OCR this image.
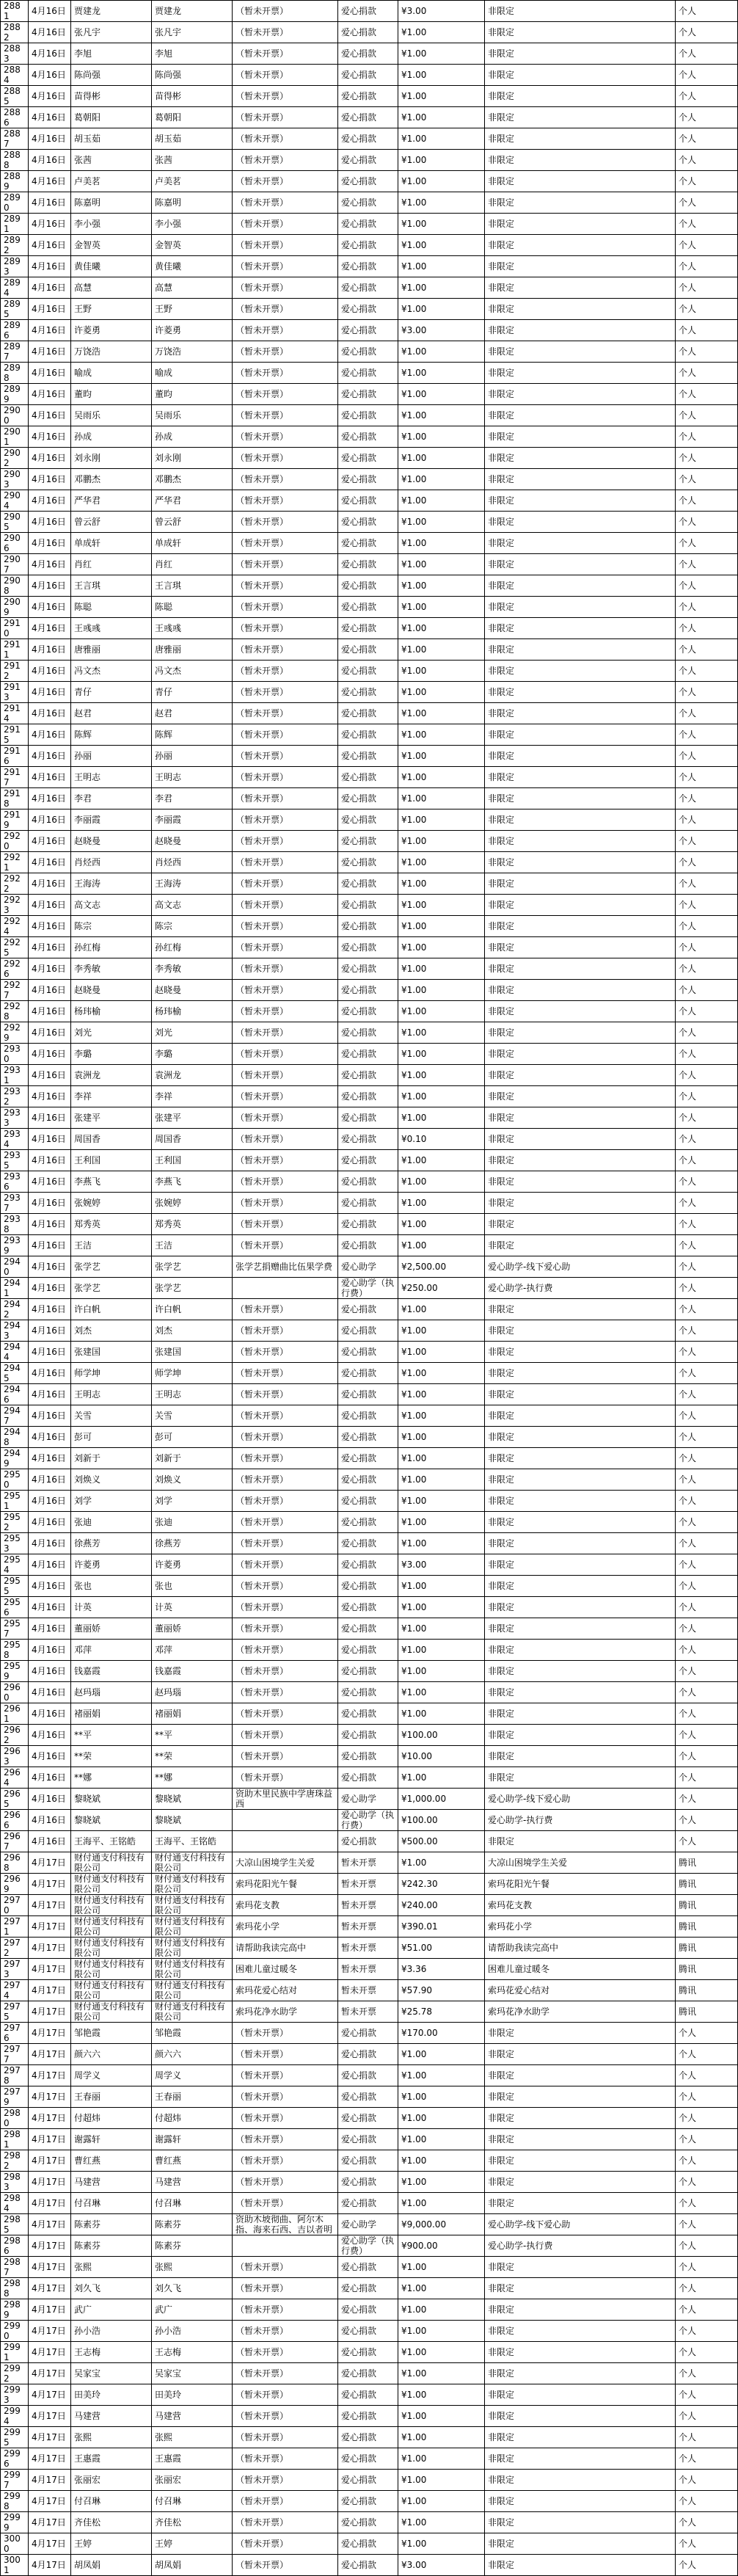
2881	4月16日	贾建龙	贾建龙	（暂未开票）	爱心捐款	¥3.00	非限定	个人
2882	4月16日	张凡宇	张凡宇	（暂未开票）	爱心捐款	¥1.00	非限定	个人
2883	4月16日	李旭	李旭	（暂未开票）	爱心捐款	¥1.00	非限定	个人
2884	4月16日	陈尚强	陈尚强	（暂未开票）	爱心捐款	¥1.00	非限定	个人
2885	4月16日	苗得彬	苗得彬	（暂未开票）	爱心捐款	¥1.00	非限定	个人
2886	4月16日	葛朝阳	葛朝阳	（暂未开票）	爱心捐款	¥1.00	非限定	个人
2887	4月16日	胡玉茹	胡玉茹	（暂未开票）	爱心捐款	¥1.00	非限定	个人
2888	4月16日	张茜	张茜	（暂未开票）	爱心捐款	¥1.00	非限定	个人
2889	4月16日	卢美茗	卢美茗	（暂未开票）	爱心捐款	¥1.00	非限定	个人
2890	4月16日	陈嘉明	陈嘉明	（暂未开票）	爱心捐款	¥1.00	非限定	个人
2891	4月16日	李小强	李小强	（暂未开票）	爱心捐款	¥1.00	非限定	个人
2892	4月16日	金智英	金智英	（暂未开票）	爱心捐款	¥1.00	非限定	个人
2893	4月16日	黄佳曦	黄佳曦	（暂未开票）	爱心捐款	¥1.00	非限定	个人
2894	4月16日	高慧	高慧	（暂未开票）	爱心捐款	¥1.00	非限定	个人
2895	4月16日	王野	王野	（暂未开票）	爱心捐款	¥1.00	非限定	个人
2896	4月16日	许菱勇	许菱勇	（暂未开票）	爱心捐款	¥3.00	非限定	个人
2897	4月16日	万饶浩	万饶浩	（暂未开票）	爱心捐款	¥1.00	非限定	个人
2898	4月16日	喻成	喻成	（暂未开票）	爱心捐款	¥1.00	非限定	个人
2899	4月16日	董昀	董昀	（暂未开票）	爱心捐款	¥1.00	非限定	个人
2900	4月16日	吴雨乐	吴雨乐	（暂未开票）	爱心捐款	¥1.00	非限定	个人
2901	4月16日	孙成	孙成	（暂未开票）	爱心捐款	¥1.00	非限定	个人
2902	4月16日	刘永刚	刘永刚	（暂未开票）	爱心捐款	¥1.00	非限定	个人
2903	4月16日	邓鹏杰	邓鹏杰	（暂未开票）	爱心捐款	¥1.00	非限定	个人
2904	4月16日	严华君	严华君	（暂未开票）	爱心捐款	¥1.00	非限定	个人
2905	4月16日	曾云舒	曾云舒	（暂未开票）	爱心捐款	¥1.00	非限定	个人
2906	4月16日	单成轩	单成轩	（暂未开票）	爱心捐款	¥1.00	非限定	个人
2907	4月16日	肖红	肖红	（暂未开票）	爱心捐款	¥1.00	非限定	个人
2908	4月16日	王言琪	王言琪	（暂未开票）	爱心捐款	¥1.00	非限定	个人
2909	4月16日	陈聪	陈聪	（暂未开票）	爱心捐款	¥1.00	非限定	个人
2910	4月16日	王彧彧	王彧彧	（暂未开票）	爱心捐款	¥1.00	非限定	个人
2911	4月16日	唐雅丽	唐雅丽	（暂未开票）	爱心捐款	¥1.00	非限定	个人
2912	4月16日	冯文杰	冯文杰	（暂未开票）	爱心捐款	¥1.00	非限定	个人
2913	4月16日	青仔	青仔	（暂未开票）	爱心捐款	¥1.00	非限定	个人
2914	4月16日	赵君	赵君	（暂未开票）	爱心捐款	¥1.00	非限定	个人
2915	4月16日	陈辉	陈辉	（暂未开票）	爱心捐款	¥1.00	非限定	个人
2916	4月16日	孙丽	孙丽	（暂未开票）	爱心捐款	¥1.00	非限定	个人
2917	4月16日	王明志	王明志	（暂未开票）	爱心捐款	¥1.00	非限定	个人
2918	4月16日	李君	李君	（暂未开票）	爱心捐款	¥1.00	非限定	个人
2919	4月16日	李丽霞	李丽霞	（暂未开票）	爱心捐款	¥1.00	非限定	个人
2920	4月16日	赵晓曼	赵晓曼	（暂未开票）	爱心捐款	¥1.00	非限定	个人
2921	4月16日	肖烃西	肖烃西	（暂未开票）	爱心捐款	¥1.00	非限定	个人
2922	4月16日	王海涛	王海涛	（暂未开票）	爱心捐款	¥1.00	非限定	个人
2923	4月16日	高文志	高文志	（暂未开票）	爱心捐款	¥1.00	非限定	个人
2924	4月16日	陈宗	陈宗	（暂未开票）	爱心捐款	¥1.00	非限定	个人
2925	4月16日	孙红梅	孙红梅	（暂未开票）	爱心捐款	¥1.00	非限定	个人
2926	4月16日	李秀敏	李秀敏	（暂未开票）	爱心捐款	¥1.00	非限定	个人
2927	4月16日	赵晓曼	赵晓曼	（暂未开票）	爱心捐款	¥1.00	非限定	个人
2928	4月16日	杨玮榆	杨玮榆	（暂未开票）	爱心捐款	¥1.00	非限定	个人
2929	4月16日	刘光	刘光	（暂未开票）	爱心捐款	¥1.00	非限定	个人
2930	4月16日	李璐	李璐	（暂未开票）	爱心捐款	¥1.00	非限定	个人
2931	4月16日	袁洲龙	袁洲龙	（暂未开票）	爱心捐款	¥1.00	非限定	个人
2932	4月16日	李祥	李祥	（暂未开票）	爱心捐款	¥1.00	非限定	个人
2933	4月16日	张建平	张建平	（暂未开票）	爱心捐款	¥1.00	非限定	个人
2934	4月16日	周国香	周国香	（暂未开票）	爱心捐款	¥0.10	非限定	个人
2935	4月16日	王利国	王利国	（暂未开票）	爱心捐款	¥1.00	非限定	个人
2936	4月16日	李燕飞	李燕飞	（暂未开票）	爱心捐款	¥1.00	非限定	个人
2937	4月16日	张婉婷	张婉婷	（暂未开票）	爱心捐款	¥1.00	非限定	个人
2938	4月16日	郑秀英	郑秀英	（暂未开票）	爱心捐款	¥1.00	非限定	个人
2939	4月16日	王洁	王洁	（暂未开票）	爱心捐款	¥1.00	非限定	个人
2940	4月16日	张学艺	张学艺	张学艺捐赠曲比伍果学费	爱心助学	¥2,500.00	爱心助学-线下爱心助	个人
2941	4月16日	张学艺	张学艺		爱心助学（执行费）	¥250.00	爱心助学-执行费	个人
2942	4月16日	许白帆	许白帆	（暂未开票）	爱心捐款	¥1.00	非限定	个人
2943	4月16日	刘杰	刘杰	（暂未开票）	爱心捐款	¥1.00	非限定	个人
2944	4月16日	张建国	张建国	（暂未开票）	爱心捐款	¥1.00	非限定	个人
2945	4月16日	师学坤	师学坤	（暂未开票）	爱心捐款	¥1.00	非限定	个人
2946	4月16日	王明志	王明志	（暂未开票）	爱心捐款	¥1.00	非限定	个人
2947	4月16日	关雪	关雪	（暂未开票）	爱心捐款	¥1.00	非限定	个人
2948	4月16日	彭可	彭可	（暂未开票）	爱心捐款	¥1.00	非限定	个人
2949	4月16日	刘新于	刘新于	（暂未开票）	爱心捐款	¥1.00	非限定	个人
2950	4月16日	刘焕义	刘焕义	（暂未开票）	爱心捐款	¥1.00	非限定	个人
2951	4月16日	刘学	刘学	（暂未开票）	爱心捐款	¥1.00	非限定	个人
2952	4月16日	张迪	张迪	（暂未开票）	爱心捐款	¥1.00	非限定	个人
2953	4月16日	徐燕芳	徐燕芳	（暂未开票）	爱心捐款	¥1.00	非限定	个人
2954	4月16日	许菱勇	许菱勇	（暂未开票）	爱心捐款	¥3.00	非限定	个人
2955	4月16日	张也	张也	（暂未开票）	爱心捐款	¥1.00	非限定	个人
2956	4月16日	计英	计英	（暂未开票）	爱心捐款	¥1.00	非限定	个人
2957	4月16日	董丽娇	董丽娇	（暂未开票）	爱心捐款	¥1.00	非限定	个人
2958	4月16日	邓萍	邓萍	（暂未开票）	爱心捐款	¥1.00	非限定	个人
2959	4月16日	钱嘉霞	钱嘉霞	（暂未开票）	爱心捐款	¥1.00	非限定	个人
2960	4月16日	赵玛瑙	赵玛瑙	（暂未开票）	爱心捐款	¥1.00	非限定	个人
2961	4月16日	褚丽娟	褚丽娟	（暂未开票）	爱心捐款	¥1.00	非限定	个人
2962	4月16日	**平	**平	（暂未开票）	爱心捐款	¥100.00	非限定	个人
2963	4月16日	**荣	**荣	（暂未开票）	爱心捐款	¥10.00	非限定	个人
2964	4月16日	**娜	**娜	（暂未开票）	爱心捐款	¥1.00	非限定	个人
2965	4月16日	黎晓斌	黎晓斌	资助木里民族中学唐珠益西	爱心助学	¥1,000.00	爱心助学-线下爱心助	个人
2966	4月16日	黎晓斌	黎晓斌		爱心助学（执行费）	¥100.00	爱心助学-执行费	个人
2967	4月16日	王海平、王铭皓	王海平、王铭皓		爱心捐款	¥500.00	非限定	个人
2968	4月17日	财付通支付科技有限公司	财付通支付科技有限公司	大凉山困境学生关爱	暂未开票	¥1.00	大凉山困境学生关爱	腾讯
2969	4月17日	财付通支付科技有限公司	财付通支付科技有限公司	索玛花阳光午餐	暂未开票	¥242.30	索玛花阳光午餐	腾讯
2970	4月17日	财付通支付科技有限公司	财付通支付科技有限公司	索玛花支教	暂未开票	¥240.00	索玛花支教	腾讯
2971	4月17日	财付通支付科技有限公司	财付通支付科技有限公司	索玛花小学	暂未开票	¥390.01	索玛花小学	腾讯
2972	4月17日	财付通支付科技有限公司	财付通支付科技有限公司	请帮助我读完高中	暂未开票	¥51.00	请帮助我读完高中	腾讯
2973	4月17日	财付通支付科技有限公司	财付通支付科技有限公司	困难儿童过暖冬	暂未开票	¥3.36	困难儿童过暖冬	腾讯
2974	4月17日	财付通支付科技有限公司	财付通支付科技有限公司	索玛花爱心结对	暂未开票	¥57.90	索玛花爱心结对	腾讯
2975	4月17日	财付通支付科技有限公司	财付通支付科技有限公司	索玛花净水助学	暂未开票	¥25.78	索玛花净水助学	腾讯
2976	4月17日	邹艳霞	邹艳霞	（暂未开票）	爱心捐款	¥170.00	非限定	个人
2977	4月17日	颜六六	颜六六	（暂未开票）	爱心捐款	¥1.00	非限定	个人
2978	4月17日	周学义	周学义	（暂未开票）	爱心捐款	¥1.00	非限定	个人
2979	4月17日	王春丽	王春丽	（暂未开票）	爱心捐款	¥1.00	非限定	个人
2980	4月17日	付超炜	付超炜	（暂未开票）	爱心捐款	¥1.00	非限定	个人
2981	4月17日	谢露轩	谢露轩	（暂未开票）	爱心捐款	¥1.00	非限定	个人
2982	4月17日	曹红燕	曹红燕	（暂未开票）	爱心捐款	¥1.00	非限定	个人
2983	4月17日	马建营	马建营	（暂未开票）	爱心捐款	¥1.00	非限定	个人
2984	4月17日	付召琳	付召琳	（暂未开票）	爱心捐款	¥1.00	非限定	个人
2985	4月17日	陈素芬	陈素芬	资助木坡彻曲、阿尔木指、海来石西、吉以者明	爱心助学	¥9,000.00	爱心助学-线下爱心助	个人
2986	4月17日	陈素芬	陈素芬		爱心助学（执行费）	¥900.00	爱心助学-执行费	个人
2987	4月17日	张熙	张熙	（暂未开票）	爱心捐款	¥1.00	非限定	个人
2988	4月17日	刘久飞	刘久飞	（暂未开票）	爱心捐款	¥1.00	非限定	个人
2989	4月17日	武广	武广	（暂未开票）	爱心捐款	¥1.00	非限定	个人
2990	4月17日	孙小浩	孙小浩	（暂未开票）	爱心捐款	¥1.00	非限定	个人
2991	4月17日	王志梅	王志梅	（暂未开票）	爱心捐款	¥1.00	非限定	个人
2992	4月17日	吴家宝	吴家宝	（暂未开票）	爱心捐款	¥1.00	非限定	个人
2993	4月17日	田美玲	田美玲	（暂未开票）	爱心捐款	¥1.00	非限定	个人
2994	4月17日	马建营	马建营	（暂未开票）	爱心捐款	¥1.00	非限定	个人
2995	4月17日	张熙	张熙	（暂未开票）	爱心捐款	¥1.00	非限定	个人
2996	4月17日	王惠霞	王惠霞	（暂未开票）	爱心捐款	¥1.00	非限定	个人
2997	4月17日	张丽宏	张丽宏	（暂未开票）	爱心捐款	¥1.00	非限定	个人
2998	4月17日	付召琳	付召琳	（暂未开票）	爱心捐款	¥1.00	非限定	个人
2999	4月17日	齐佳松	齐佳松	（暂未开票）	爱心捐款	¥1.00	非限定	个人
3000	4月17日	王婷	王婷	（暂未开票）	爱心捐款	¥1.00	非限定	个人
3001	4月17日	胡凤娟	胡凤娟	（暂未开票）	爱心捐款	¥3.00	非限定	个人
